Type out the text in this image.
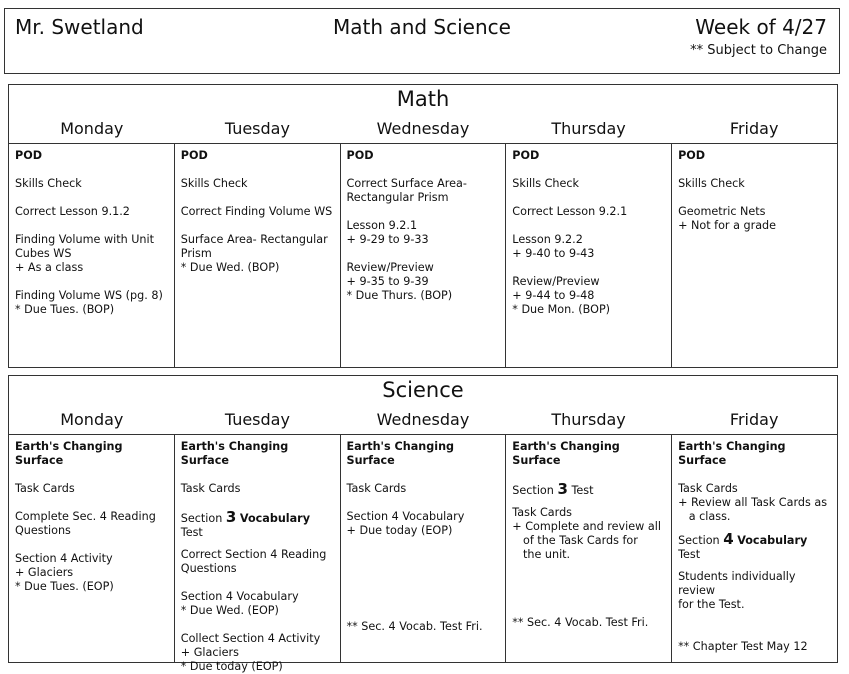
Mr. Swetland	Math and Science	Week of 4/27
** Subject to Change
Math
Monday	Tuesday	Wednesday	Thursday	Friday
POD
Skills Check
Correct Lesson 9.1.2
Finding Volume with Unit
Cubes WS
+ As a class
Finding Volume WS (pg. 8)
* Due Tues. (BOP)
POD
Skills Check
Correct Finding Volume WS
Surface Area- Rectangular
Prism
* Due Wed. (BOP)
POD
Correct Surface Area-
Rectangular Prism
Lesson 9.2.1
+ 9-29 to 9-33
Review/Preview
+ 9-35 to 9-39
* Due Thurs. (BOP)
POD
Skills Check
Correct Lesson 9.2.1
Lesson 9.2.2
+ 9-40 to 9-43
Review/Preview
+ 9-44 to 9-48
* Due Mon. (BOP)
POD
Skills Check
Geometric Nets
+ Not for a grade
Science
Monday	Tuesday	Wednesday	Thursday	Friday
Earth's Changing Surface
Task Cards
Complete Sec. 4 Reading
Questions
Section 4 Activity
+ Glaciers
* Due Tues. (EOP)
Earth's Changing Surface
Task Cards
Section 3 Vocabulary Test
Correct Section 4 Reading
Questions
Section 4 Vocabulary
* Due Wed. (EOP)
Collect Section 4 Activity
+ Glaciers
* Due today (EOP)
Earth's Changing Surface
Task Cards
Section 4 Vocabulary
+ Due today (EOP)
** Sec. 4 Vocab. Test Fri.
Earth's Changing Surface
Section 3 Test
Task Cards
+ Complete and review all
of the Task Cards for
the unit.
** Sec. 4 Vocab. Test Fri.
Earth's Changing Surface
Task Cards
+ Review all Task Cards as
a class.
Section 4 Vocabulary Test
Students individually review
for the Test.
** Chapter Test May 12
